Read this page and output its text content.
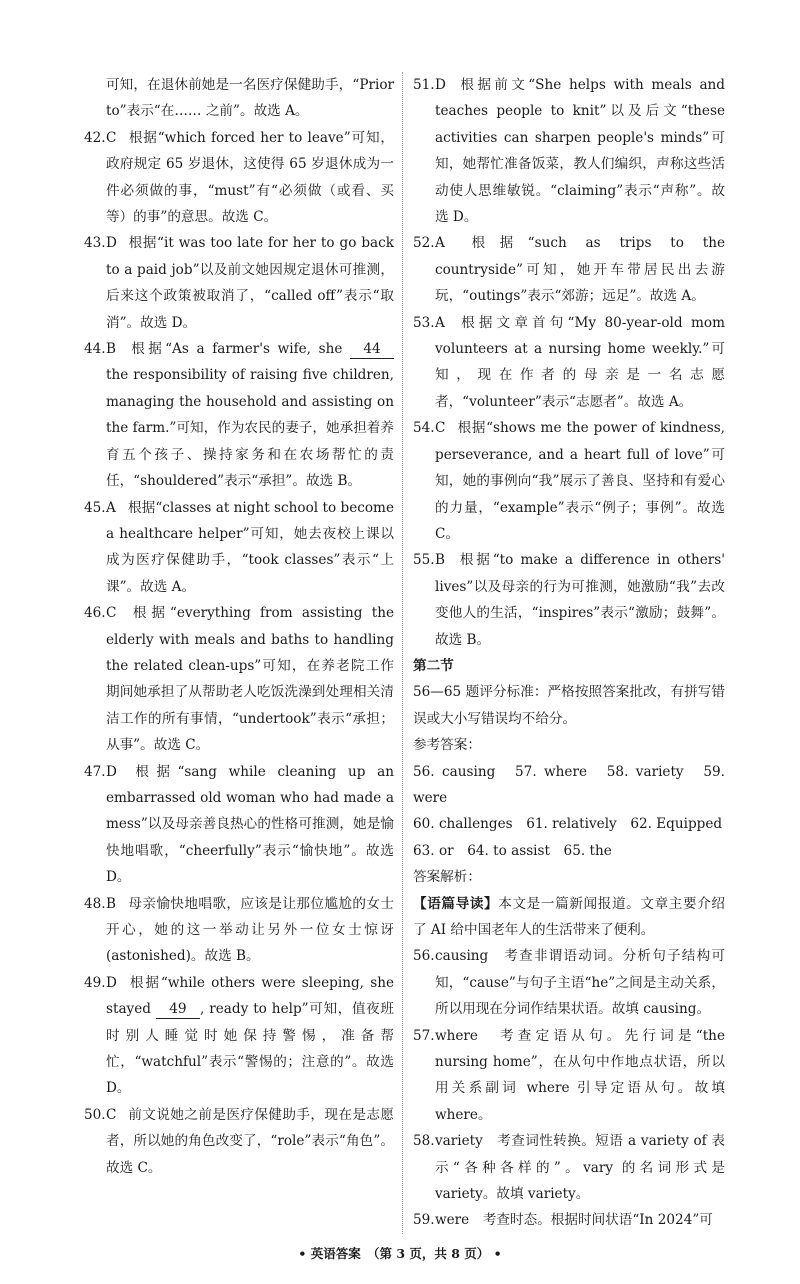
可知，在退休前她是一名医疗保健助手，“Prior to”表示“在…… 之前”。故选 A。
42. C 根据“which forced her to leave”可知，政府规定 65 岁退休，这使得 65 岁退休成为一件必须做的事，“must”有“必须做（或看、买等）的事”的意思。故选 C。
43. D 根据“it was too late for her to go back to a paid job”以及前文她因规定退休可推测，后来这个政策被取消了，“called off”表示“取消”。故选 D。
44. B 根据“As a farmer's wife, she 44 the responsibility of raising five children, managing the household and assisting on the farm.”可知，作为农民的妻子，她承担着养育五个孩子、操持家务和在农场帮忙的责任，“shouldered”表示“承担”。故选 B。
45. A 根据“classes at night school to become a healthcare helper”可知，她去夜校上课以成为医疗保健助手，“took classes”表示“上课”。故选 A。
46. C 根据“everything from assisting the elderly with meals and baths to handling the related clean-ups”可知，在养老院工作期间她承担了从帮助老人吃饭洗澡到处理相关清洁工作的所有事情，“undertook”表示“承担；从事”。故选 C。
47. D 根据“sang while cleaning up an embarrassed old woman who had made a mess”以及母亲善良热心的性格可推测，她是愉快地唱歌，“cheerfully”表示“愉快地”。故选 D。
48. B 母亲愉快地唱歌，应该是让那位尴尬的女士开心，她的这一举动让另外一位女士惊讶(astonished)。故选 B。
49. D 根据“while others were sleeping, she stayed 49 , ready to help”可知，值夜班时别人睡觉时她保持警惕，准备帮忙，“watchful”表示“警惕的；注意的”。故选 D。
50. C 前文说她之前是医疗保健助手，现在是志愿者，所以她的角色改变了，“role”表示“角色”。故选 C。
51. D 根据前文“She helps with meals and teaches people to knit”以及后文“these activities can sharpen people's minds”可知，她帮忙准备饭菜，教人们编织，声称这些活动使人思维敏锐。“claiming”表示“声称”。故选 D。
52. A 根据“such as trips to the countryside”可知，她开车带居民出去游玩，“outings”表示“郊游；远足”。故选 A。
53. A 根据文章首句“My 80-year-old mom volunteers at a nursing home weekly.”可知，现在作者的母亲是一名志愿者，“volunteer”表示“志愿者”。故选 A。
54. C 根据“shows me the power of kindness, perseverance, and a heart full of love”可知，她的事例向“我”展示了善良、坚持和有爱心的力量，“example”表示“例子；事例”。故选 C。
55. B 根据“to make a difference in others' lives”以及母亲的行为可推测，她激励“我”去改变他人的生活，“inspires”表示“激励；鼓舞”。故选 B。
第二节
56—65 题评分标准：严格按照答案批改，有拼写错误或大小写错误均不给分。
参考答案：
56. causing　57. where　58. variety　59. were
60. challenges　61. relatively　62. Equipped
63. or　64. to assist　65. the
答案解析：
【语篇导读】本文是一篇新闻报道。文章主要介绍了 AI 给中国老年人的生活带来了便利。
56. causing　考查非谓语动词。分析句子结构可知，“cause”与句子主语“he”之间是主动关系，所以用现在分词作结果状语。故填 causing。
57. where　考查定语从句。先行词是“the nursing home”，在从句中作地点状语，所以用关系副词 where 引导定语从句。故填 where。
58. variety　考查词性转换。短语 a variety of 表示“各种各样的”。vary 的名词形式是 variety。故填 variety。
59. were　考查时态。根据时间状语“In 2024”可
• 英语答案　（第 3 页，共 8 页） •
